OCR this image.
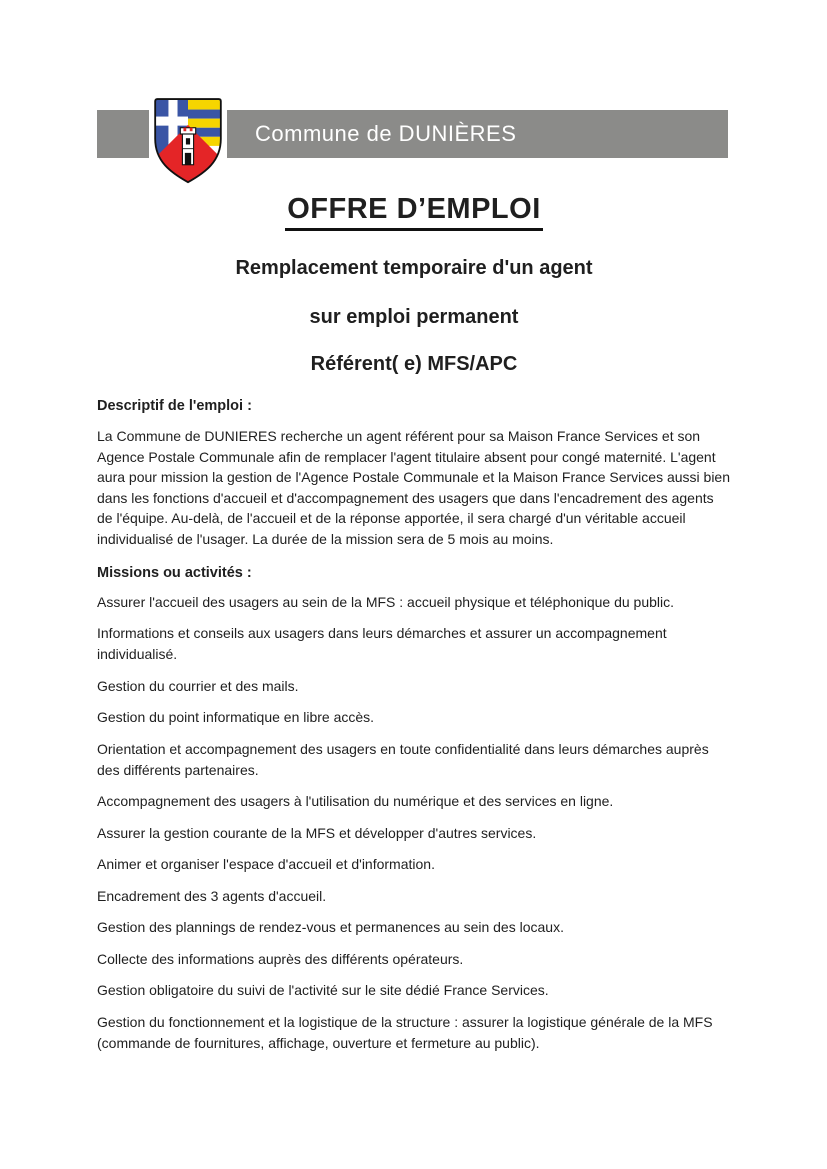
Commune de DUNIÈRES
OFFRE D’EMPLOI
Remplacement temporaire d'un agent
sur emploi permanent
Référent( e) MFS/APC
Descriptif de l'emploi :

La Commune de DUNIERES recherche un agent référent pour sa Maison France Services et son Agence Postale Communale afin de remplacer l'agent titulaire absent pour congé maternité. L'agent aura pour mission la gestion de l'Agence Postale Communale et la Maison France Services aussi bien dans les fonctions d'accueil et d'accompagnement des usagers que dans l'encadrement des agents de l'équipe. Au-delà, de l'accueil et de la réponse apportée, il sera chargé d'un véritable accueil individualisé de l'usager. La durée de la mission sera de 5 mois au moins.

Missions ou activités :

Assurer l'accueil des usagers au sein de la MFS : accueil physique et téléphonique du public.

Informations et conseils aux usagers dans leurs démarches et assurer un accompagnement individualisé.

Gestion du courrier et des mails.

Gestion du point informatique en libre accès.

Orientation et accompagnement des usagers en toute confidentialité dans leurs démarches auprès des différents partenaires.

Accompagnement des usagers à l'utilisation du numérique et des services en ligne.

Assurer la gestion courante de la MFS et développer d'autres services.

Animer et organiser l'espace d'accueil et d'information.

Encadrement des 3 agents d'accueil.

Gestion des plannings de rendez-vous et permanences au sein des locaux.

Collecte des informations auprès des différents opérateurs.

Gestion obligatoire du suivi de l'activité sur le site dédié France Services.

Gestion du fonctionnement et la logistique de la structure : assurer la logistique générale de la MFS (commande de fournitures, affichage, ouverture et fermeture au public).
